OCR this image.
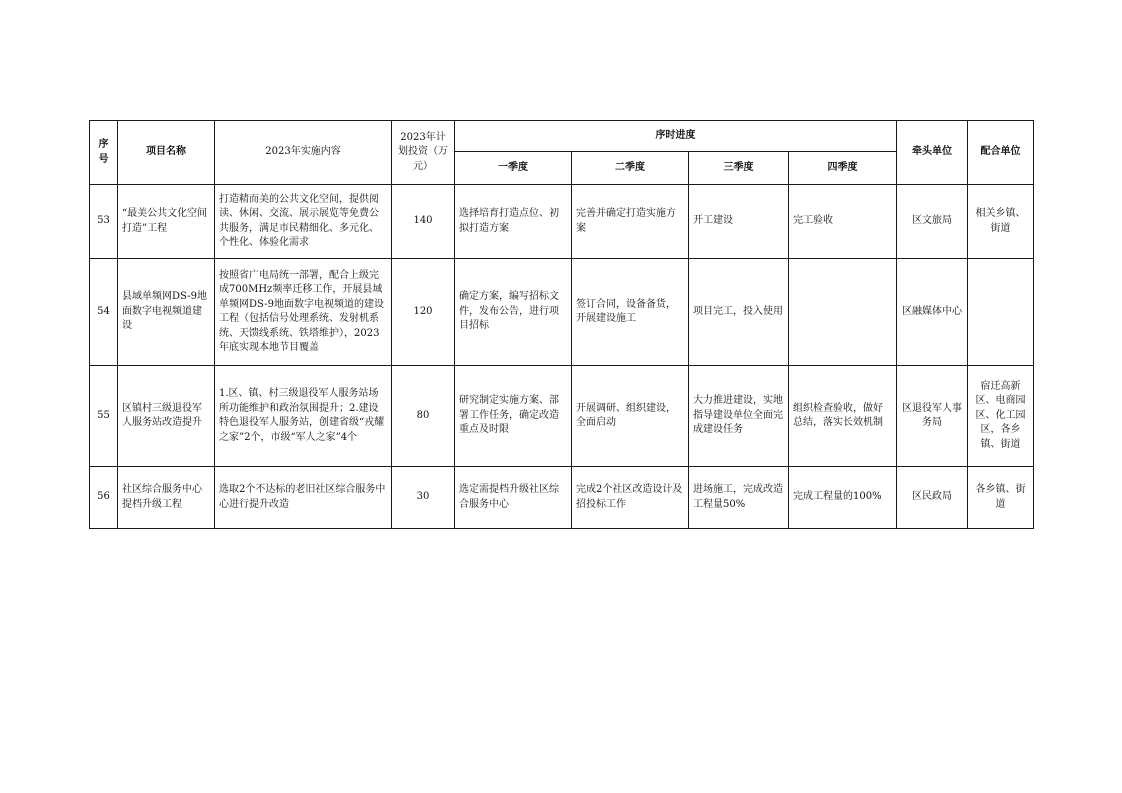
序号	项目名称	2023年实施内容	2023年计划投资（万元）	序时进度				牵头单位	配合单位
				一季度	二季度	三季度	四季度		
53	“最美公共文化空间打造”工程	打造精而美的公共文化空间，提供阅读、休闲、交流、展示展览等免费公共服务，满足市民精细化、多元化、个性化、体验化需求	140	选择培育打造点位、初拟打造方案	完善并确定打造实施方案	开工建设	完工验收	区文旅局	相关乡镇、街道
54	县域单频网DS-9地面数字电视频道建设	按照省广电局统一部署，配合上级完成700MHz频率迁移工作，开展县域单频网DS-9地面数字电视频道的建设工程（包括信号处理系统、发射机系统、天馈线系统、铁塔维护），2023年底实现本地节目覆盖	120	确定方案，编写招标文件，发布公告，进行项目招标	签订合同，设备备货，开展建设施工	项目完工，投入使用		区融媒体中心	
55	区镇村三级退役军人服务站改造提升	1.区、镇、村三级退役军人服务站场所功能维护和政治氛围提升；2.建设特色退役军人服务站，创建省级“戎耀之家”2个，市级“军人之家”4个	80	研究制定实施方案、部署工作任务，确定改造重点及时限	开展调研、组织建设，全面启动	大力推进建设，实地指导建设单位全面完成建设任务	组织检查验收，做好总结，落实长效机制	区退役军人事务局	宿迁高新区、电商园区、化工园区，各乡镇、街道
56	社区综合服务中心提档升级工程	选取2个不达标的老旧社区综合服务中心进行提升改造	30	选定需提档升级社区综合服务中心	完成2个社区改造设计及招投标工作	进场施工，完成改造工程量50%	完成工程量的100%	区民政局	各乡镇、街道
